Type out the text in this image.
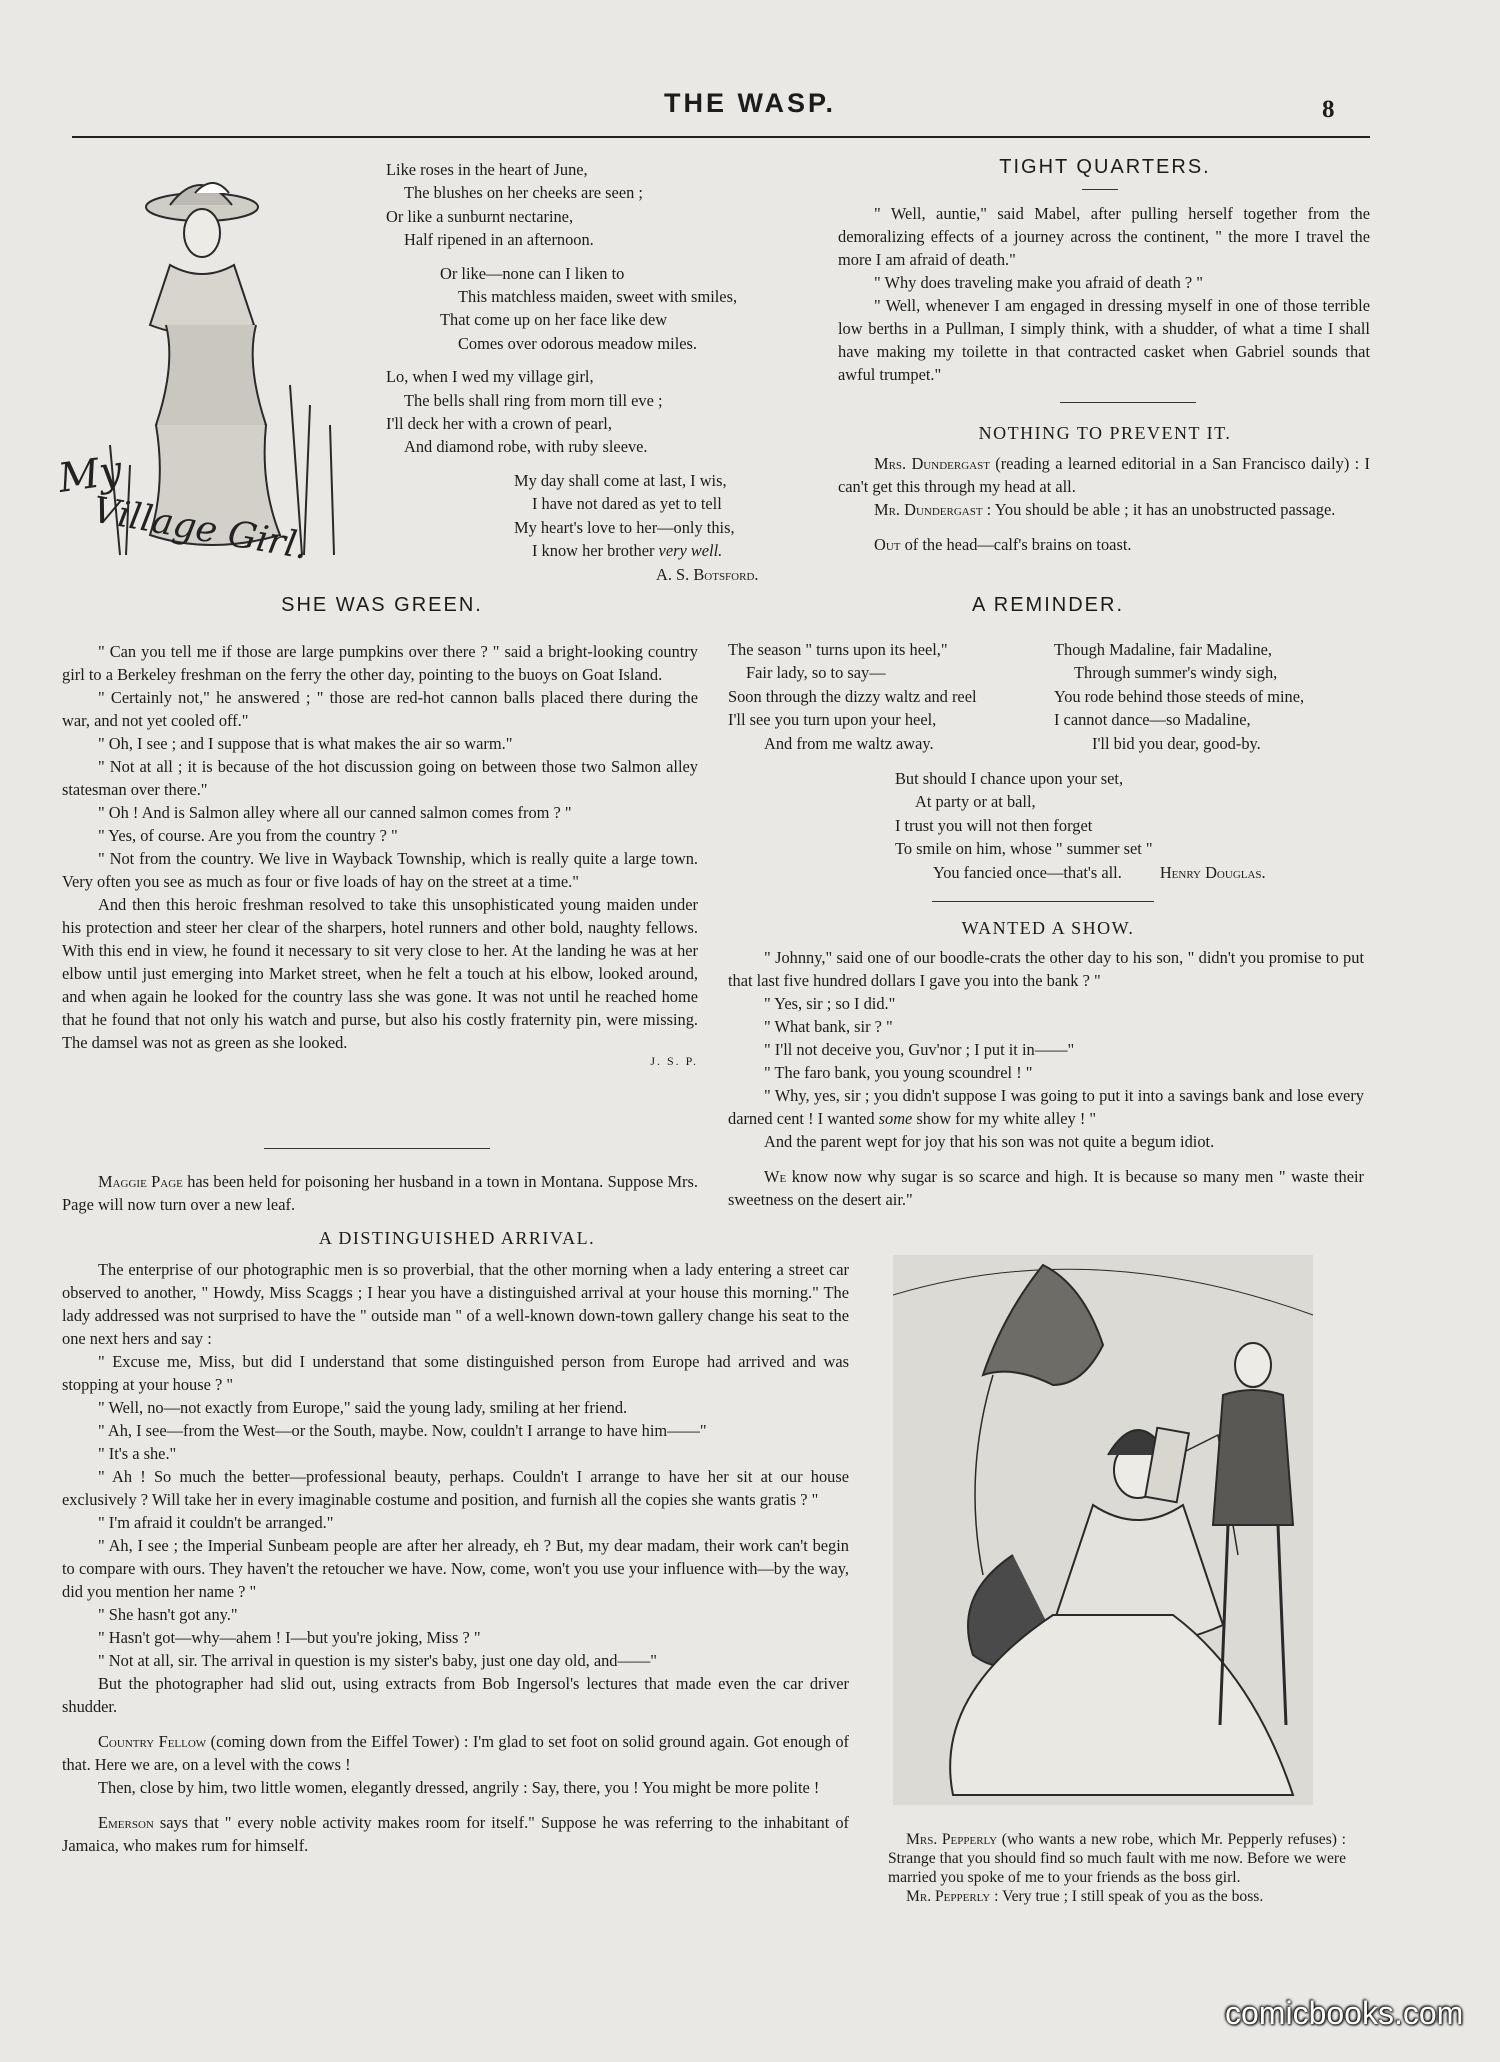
THE WASP.	8
My
Village Girl.
Like roses in the heart of June,
The blushes on her cheeks are seen ;
Or like a sunburnt nectarine,
Half ripened in an afternoon.
Or like—none can I liken to
This matchless maiden, sweet with smiles,
That come up on her face like dew
Comes over odorous meadow miles.
Lo, when I wed my village girl,
The bells shall ring from morn till eve ;
I'll deck her with a crown of pearl,
And diamond robe, with ruby sleeve.
My day shall come at last, I wis,
I have not dared as yet to tell
My heart's love to her—only this,
I know her brother very well.
A. S. Botsford.
TIGHT QUARTERS.

" Well, auntie," said Mabel, after pulling herself together from the demoralizing effects of a journey across the continent, " the more I travel the more I am afraid of death."

" Why does traveling make you afraid of death ? "

" Well, whenever I am engaged in dressing myself in one of those terrible low berths in a Pullman, I simply think, with a shudder, of what a time I shall have making my toilette in that contracted casket when Gabriel sounds that awful trumpet."

NOTHING TO PREVENT IT.

Mrs. Dundergast (reading a learned editorial in a San Francisco daily) : I can't get this through my head at all.

Mr. Dundergast : You should be able ; it has an unobstructed passage.

Out of the head—calf's brains on toast.

SHE WAS GREEN.

" Can you tell me if those are large pumpkins over there ? " said a bright-looking country girl to a Berkeley freshman on the ferry the other day, pointing to the buoys on Goat Island.

" Certainly not," he answered ; " those are red-hot cannon balls placed there during the war, and not yet cooled off."

" Oh, I see ; and I suppose that is what makes the air so warm."

" Not at all ; it is because of the hot discussion going on between those two Salmon alley statesman over there."

" Oh ! And is Salmon alley where all our canned salmon comes from ? "

" Yes, of course. Are you from the country ? "

" Not from the country. We live in Wayback Township, which is really quite a large town. Very often you see as much as four or five loads of hay on the street at a time."

And then this heroic freshman resolved to take this unsophisticated young maiden under his protection and steer her clear of the sharpers, hotel runners and other bold, naughty fellows. With this end in view, he found it necessary to sit very close to her. At the landing he was at her elbow until just emerging into Market street, when he felt a touch at his elbow, looked around, and when again he looked for the country lass she was gone. It was not until he reached home that he found that not only his watch and purse, but also his costly fraternity pin, were missing. The damsel was not as green as she looked.

J. S. P.

Maggie Page has been held for poisoning her husband in a town in Montana. Suppose Mrs. Page will now turn over a new leaf.

A REMINDER.
The season " turns upon its heel,"
Fair lady, so to say—
Soon through the dizzy waltz and reel
I'll see you turn upon your heel,
And from me waltz away.
Though Madaline, fair Madaline,
Through summer's windy sigh,
You rode behind those steeds of mine,
I cannot dance—so Madaline,
I'll bid you dear, good-by.
But should I chance upon your set,
At party or at ball,
I trust you will not then forget
To smile on him, whose " summer set "
You fancied once—that's all. Henry Douglas.
WANTED A SHOW.

" Johnny," said one of our boodle-crats the other day to his son, " didn't you promise to put that last five hundred dollars I gave you into the bank ? "

" Yes, sir ; so I did."

" What bank, sir ? "

" I'll not deceive you, Guv'nor ; I put it in——"

" The faro bank, you young scoundrel ! "

" Why, yes, sir ; you didn't suppose I was going to put it into a savings bank and lose every darned cent ! I wanted some show for my white alley ! "

And the parent wept for joy that his son was not quite a begum idiot.

We know now why sugar is so scarce and high. It is because so many men " waste their sweetness on the desert air."

A DISTINGUISHED ARRIVAL.

The enterprise of our photographic men is so proverbial, that the other morning when a lady entering a street car observed to another, " Howdy, Miss Scaggs ; I hear you have a distinguished arrival at your house this morning." The lady addressed was not surprised to have the " outside man " of a well-known down-town gallery change his seat to the one next hers and say :

" Excuse me, Miss, but did I understand that some distinguished person from Europe had arrived and was stopping at your house ? "

" Well, no—not exactly from Europe," said the young lady, smiling at her friend.

" Ah, I see—from the West—or the South, maybe. Now, couldn't I arrange to have him——"

" It's a she."

" Ah ! So much the better—professional beauty, perhaps. Couldn't I arrange to have her sit at our house exclusively ? Will take her in every imaginable costume and position, and furnish all the copies she wants gratis ? "

" I'm afraid it couldn't be arranged."

" Ah, I see ; the Imperial Sunbeam people are after her already, eh ? But, my dear madam, their work can't begin to compare with ours. They haven't the retoucher we have. Now, come, won't you use your influence with—by the way, did you mention her name ? "

" She hasn't got any."

" Hasn't got—why—ahem ! I—but you're joking, Miss ? "

" Not at all, sir. The arrival in question is my sister's baby, just one day old, and——"

But the photographer had slid out, using extracts from Bob Ingersol's lectures that made even the car driver shudder.

Country Fellow (coming down from the Eiffel Tower) : I'm glad to set foot on solid ground again. Got enough of that. Here we are, on a level with the cows !

Then, close by him, two little women, elegantly dressed, angrily : Say, there, you ! You might be more polite !

Emerson says that " every noble activity makes room for itself." Suppose he was referring to the inhabitant of Jamaica, who makes rum for himself.	Mrs. Pepperly (who wants a new robe, which Mr. Pepperly refuses) : Strange that you should find so much fault with me now. Before we were married you spoke of me to your friends as the boss girl.

Mr. Pepperly : Very true ; I still speak of you as the boss.

comicbooks.com
